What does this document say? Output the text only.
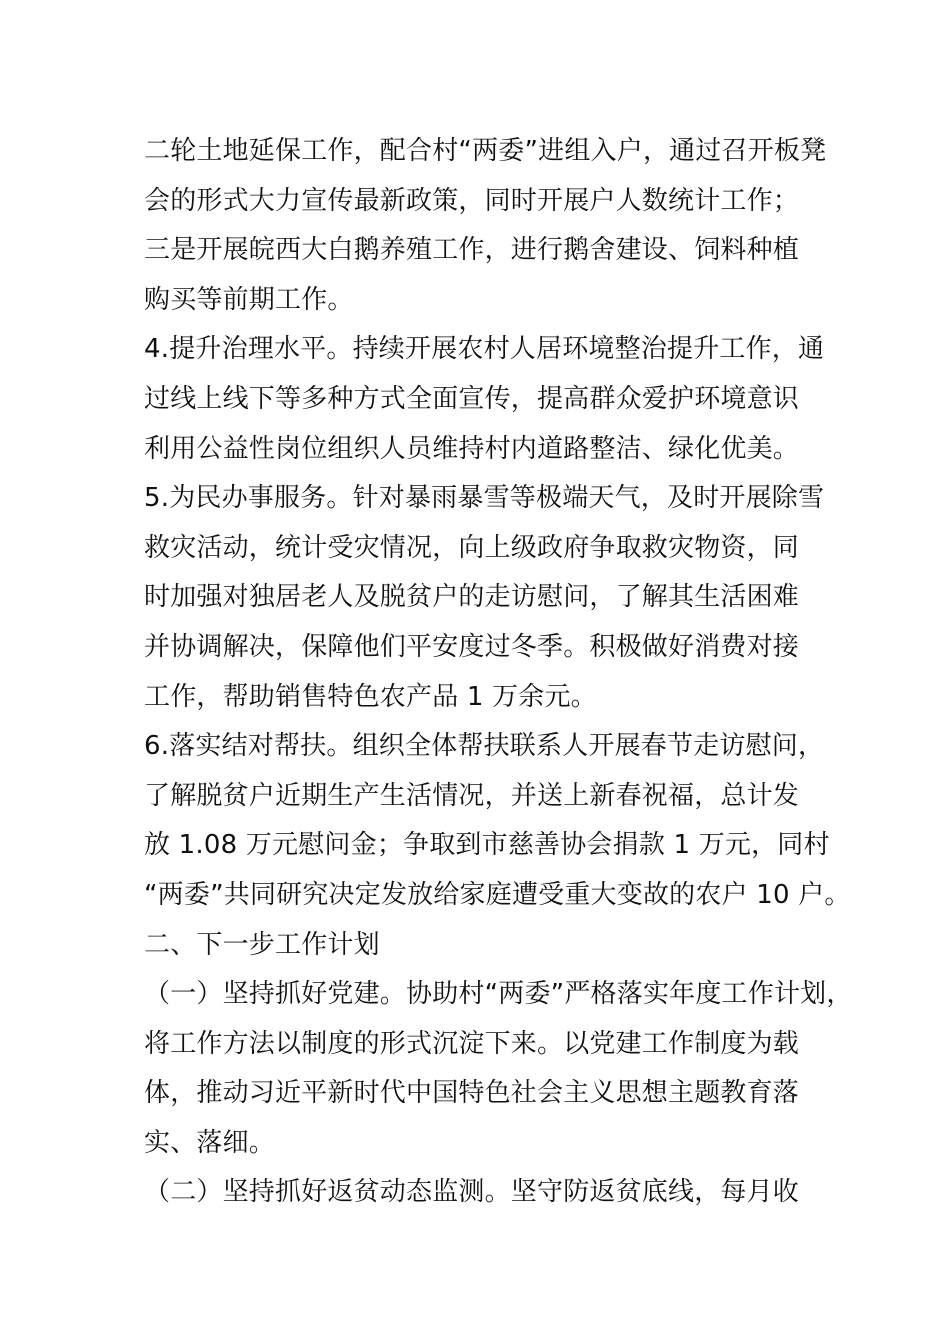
二轮土地延保工作，配合村“两委”进组入户，通过召开板凳
会的形式大力宣传最新政策，同时开展户人数统计工作；
三是开展皖西大白鹅养殖工作，进行鹅舍建设、饲料种植
购买等前期工作。
4.提升治理水平。持续开展农村人居环境整治提升工作，通
过线上线下等多种方式全面宣传，提高群众爱护环境意识
利用公益性岗位组织人员维持村内道路整洁、绿化优美。
5.为民办事服务。针对暴雨暴雪等极端天气，及时开展除雪
救灾活动，统计受灾情况，向上级政府争取救灾物资，同
时加强对独居老人及脱贫户的走访慰问，了解其生活困难
并协调解决，保障他们平安度过冬季。积极做好消费对接
工作，帮助销售特色农产品 1 万余元。
6.落实结对帮扶。组织全体帮扶联系人开展春节走访慰问，
了解脱贫户近期生产生活情况，并送上新春祝福，总计发
放 1.08 万元慰问金；争取到市慈善协会捐款 1 万元，同村
“两委”共同研究决定发放给家庭遭受重大变故的农户 10 户。
二、下一步工作计划
（一）坚持抓好党建。协助村“两委”严格落实年度工作计划，
将工作方法以制度的形式沉淀下来。以党建工作制度为载
体，推动习近平新时代中国特色社会主义思想主题教育落
实、落细。
（二）坚持抓好返贫动态监测。坚守防返贫底线，每月收
